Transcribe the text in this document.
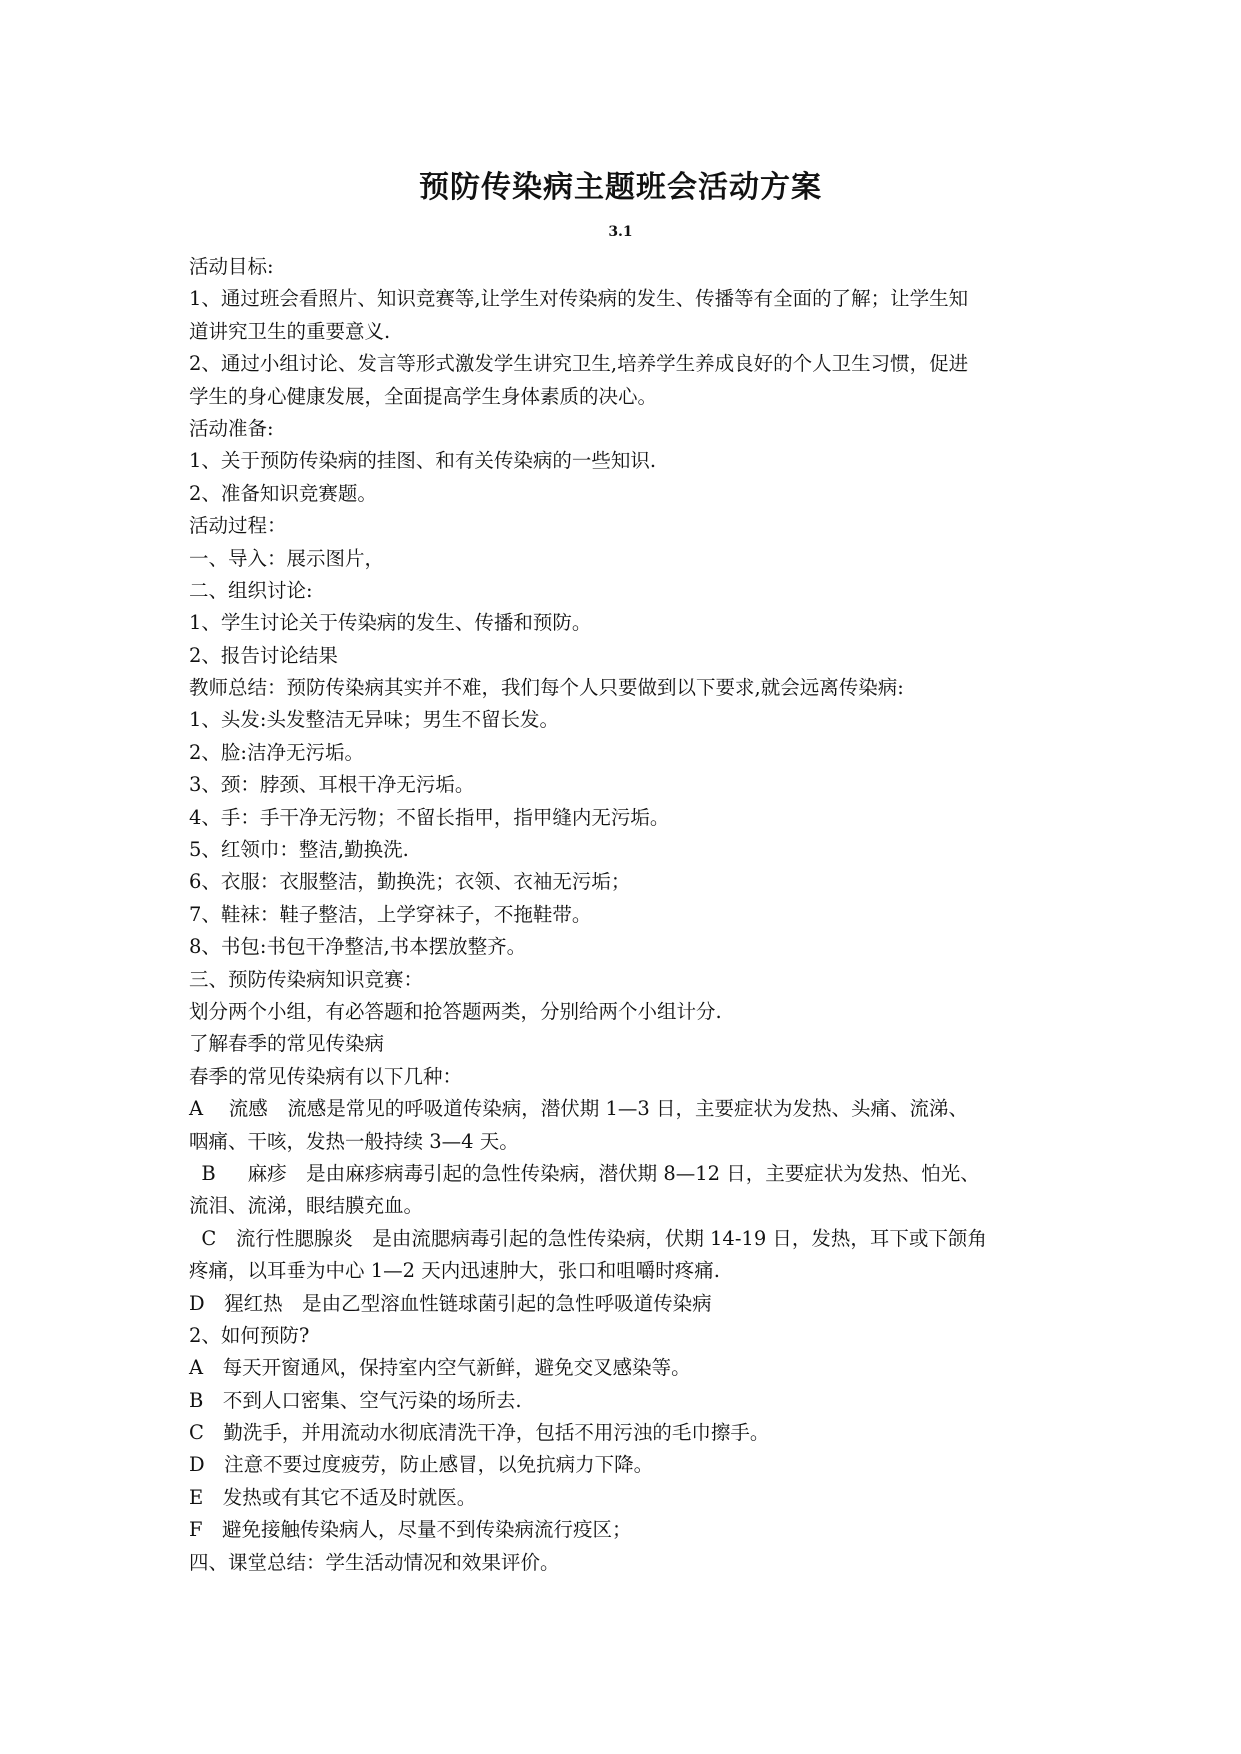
预防传染病主题班会活动方案
3.1
活动目标:
1、通过班会看照片、知识竞赛等,让学生对传染病的发生、传播等有全面的了解；让学生知
道讲究卫生的重要意义.
2、通过小组讨论、发言等形式激发学生讲究卫生,培养学生养成良好的个人卫生习惯，促进
学生的身心健康发展，全面提高学生身体素质的决心。
活动准备:
1、关于预防传染病的挂图、和有关传染病的一些知识.
2、准备知识竞赛题。
活动过程：
一、导入：展示图片，
二、组织讨论:
1、学生讨论关于传染病的发生、传播和预防。
2、报告讨论结果
教师总结：预防传染病其实并不难，我们每个人只要做到以下要求,就会远离传染病:
1、头发:头发整洁无异味；男生不留长发。
2、脸:洁净无污垢。
3、颈：脖颈、耳根干净无污垢。
4、手：手干净无污物；不留长指甲，指甲缝内无污垢。
5、红领巾：整洁,勤换洗.
6、衣服：衣服整洁，勤换洗；衣领、衣袖无污垢；
7、鞋袜：鞋子整洁，上学穿袜子，不拖鞋带。
8、书包:书包干净整洁,书本摆放整齐。
三、预防传染病知识竞赛：
划分两个小组，有必答题和抢答题两类，分别给两个小组计分.
了解春季的常见传染病
春季的常见传染病有以下几种：
A　 流感　流感是常见的呼吸道传染病，潜伏期 1—3 日，主要症状为发热、头痛、流涕、
咽痛、干咳，发热一般持续 3—4 天。
B　  麻疹　是由麻疹病毒引起的急性传染病，潜伏期 8—12 日，主要症状为发热、怕光、
流泪、流涕，眼结膜充血。
C　流行性腮腺炎　是由流腮病毒引起的急性传染病，伏期 14-19 日，发热，耳下或下颌角
疼痛，以耳垂为中心 1—2 天内迅速肿大，张口和咀嚼时疼痛.
D　猩红热　是由乙型溶血性链球菌引起的急性呼吸道传染病
2、如何预防?
A　每天开窗通风，保持室内空气新鲜，避免交叉感染等。
B　不到人口密集、空气污染的场所去.
C　勤洗手，并用流动水彻底清洗干净，包括不用污浊的毛巾擦手。
D　注意不要过度疲劳，防止感冒，以免抗病力下降。
E　发热或有其它不适及时就医。
F　避免接触传染病人，尽量不到传染病流行疫区；
四、课堂总结：学生活动情况和效果评价。
